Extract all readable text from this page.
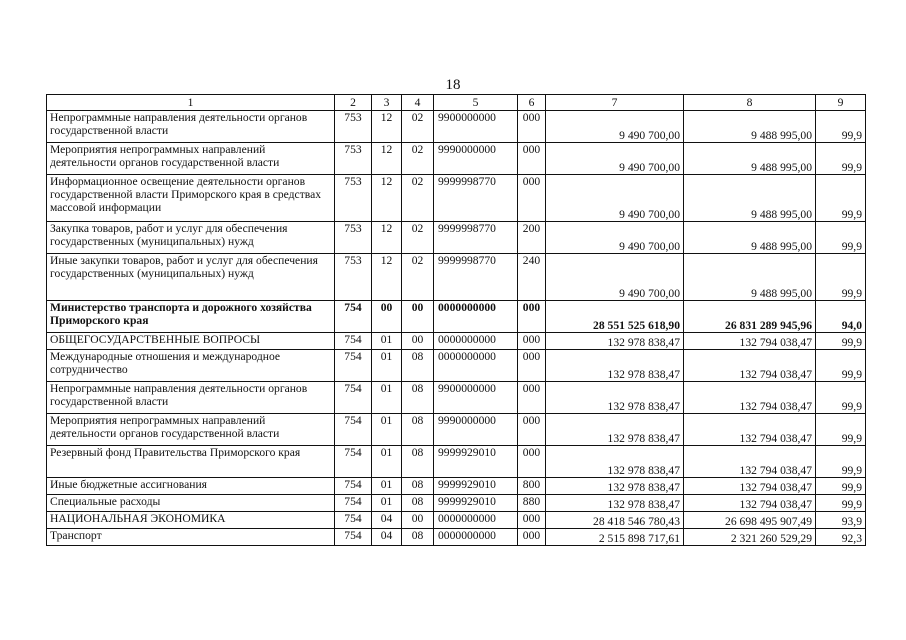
18
1	2	3	4	5	6	7	8	9
Непрограммные направления деятельности органов государственной власти	753	12	02	9900000000	000	9 490 700,00	9 488 995,00	99,9
Мероприятия непрограммных направлений деятельности органов государственной власти	753	12	02	9990000000	000	9 490 700,00	9 488 995,00	99,9
Информационное освещение деятельности органов государственной власти Приморского края в средствах массовой информации	753	12	02	9999998770	000	9 490 700,00	9 488 995,00	99,9
Закупка товаров, работ и услуг для обеспечения государственных (муниципальных) нужд	753	12	02	9999998770	200	9 490 700,00	9 488 995,00	99,9
Иные закупки товаров, работ и услуг для обеспечения государственных (муниципальных) нужд	753	12	02	9999998770	240	9 490 700,00	9 488 995,00	99,9
Министерство транспорта и дорожного хозяйства Приморского края	754	00	00	0000000000	000	28 551 525 618,90	26 831 289 945,96	94,0
ОБЩЕГОСУДАРСТВЕННЫЕ ВОПРОСЫ	754	01	00	0000000000	000	132 978 838,47	132 794 038,47	99,9
Международные отношения и международное сотрудничество	754	01	08	0000000000	000	132 978 838,47	132 794 038,47	99,9
Непрограммные направления деятельности органов государственной власти	754	01	08	9900000000	000	132 978 838,47	132 794 038,47	99,9
Мероприятия непрограммных направлений деятельности органов государственной власти	754	01	08	9990000000	000	132 978 838,47	132 794 038,47	99,9
Резервный фонд Правительства Приморского края	754	01	08	9999929010	000	132 978 838,47	132 794 038,47	99,9
Иные бюджетные ассигнования	754	01	08	9999929010	800	132 978 838,47	132 794 038,47	99,9
Специальные расходы	754	01	08	9999929010	880	132 978 838,47	132 794 038,47	99,9
НАЦИОНАЛЬНАЯ ЭКОНОМИКА	754	04	00	0000000000	000	28 418 546 780,43	26 698 495 907,49	93,9
Транспорт	754	04	08	0000000000	000	2 515 898 717,61	2 321 260 529,29	92,3
